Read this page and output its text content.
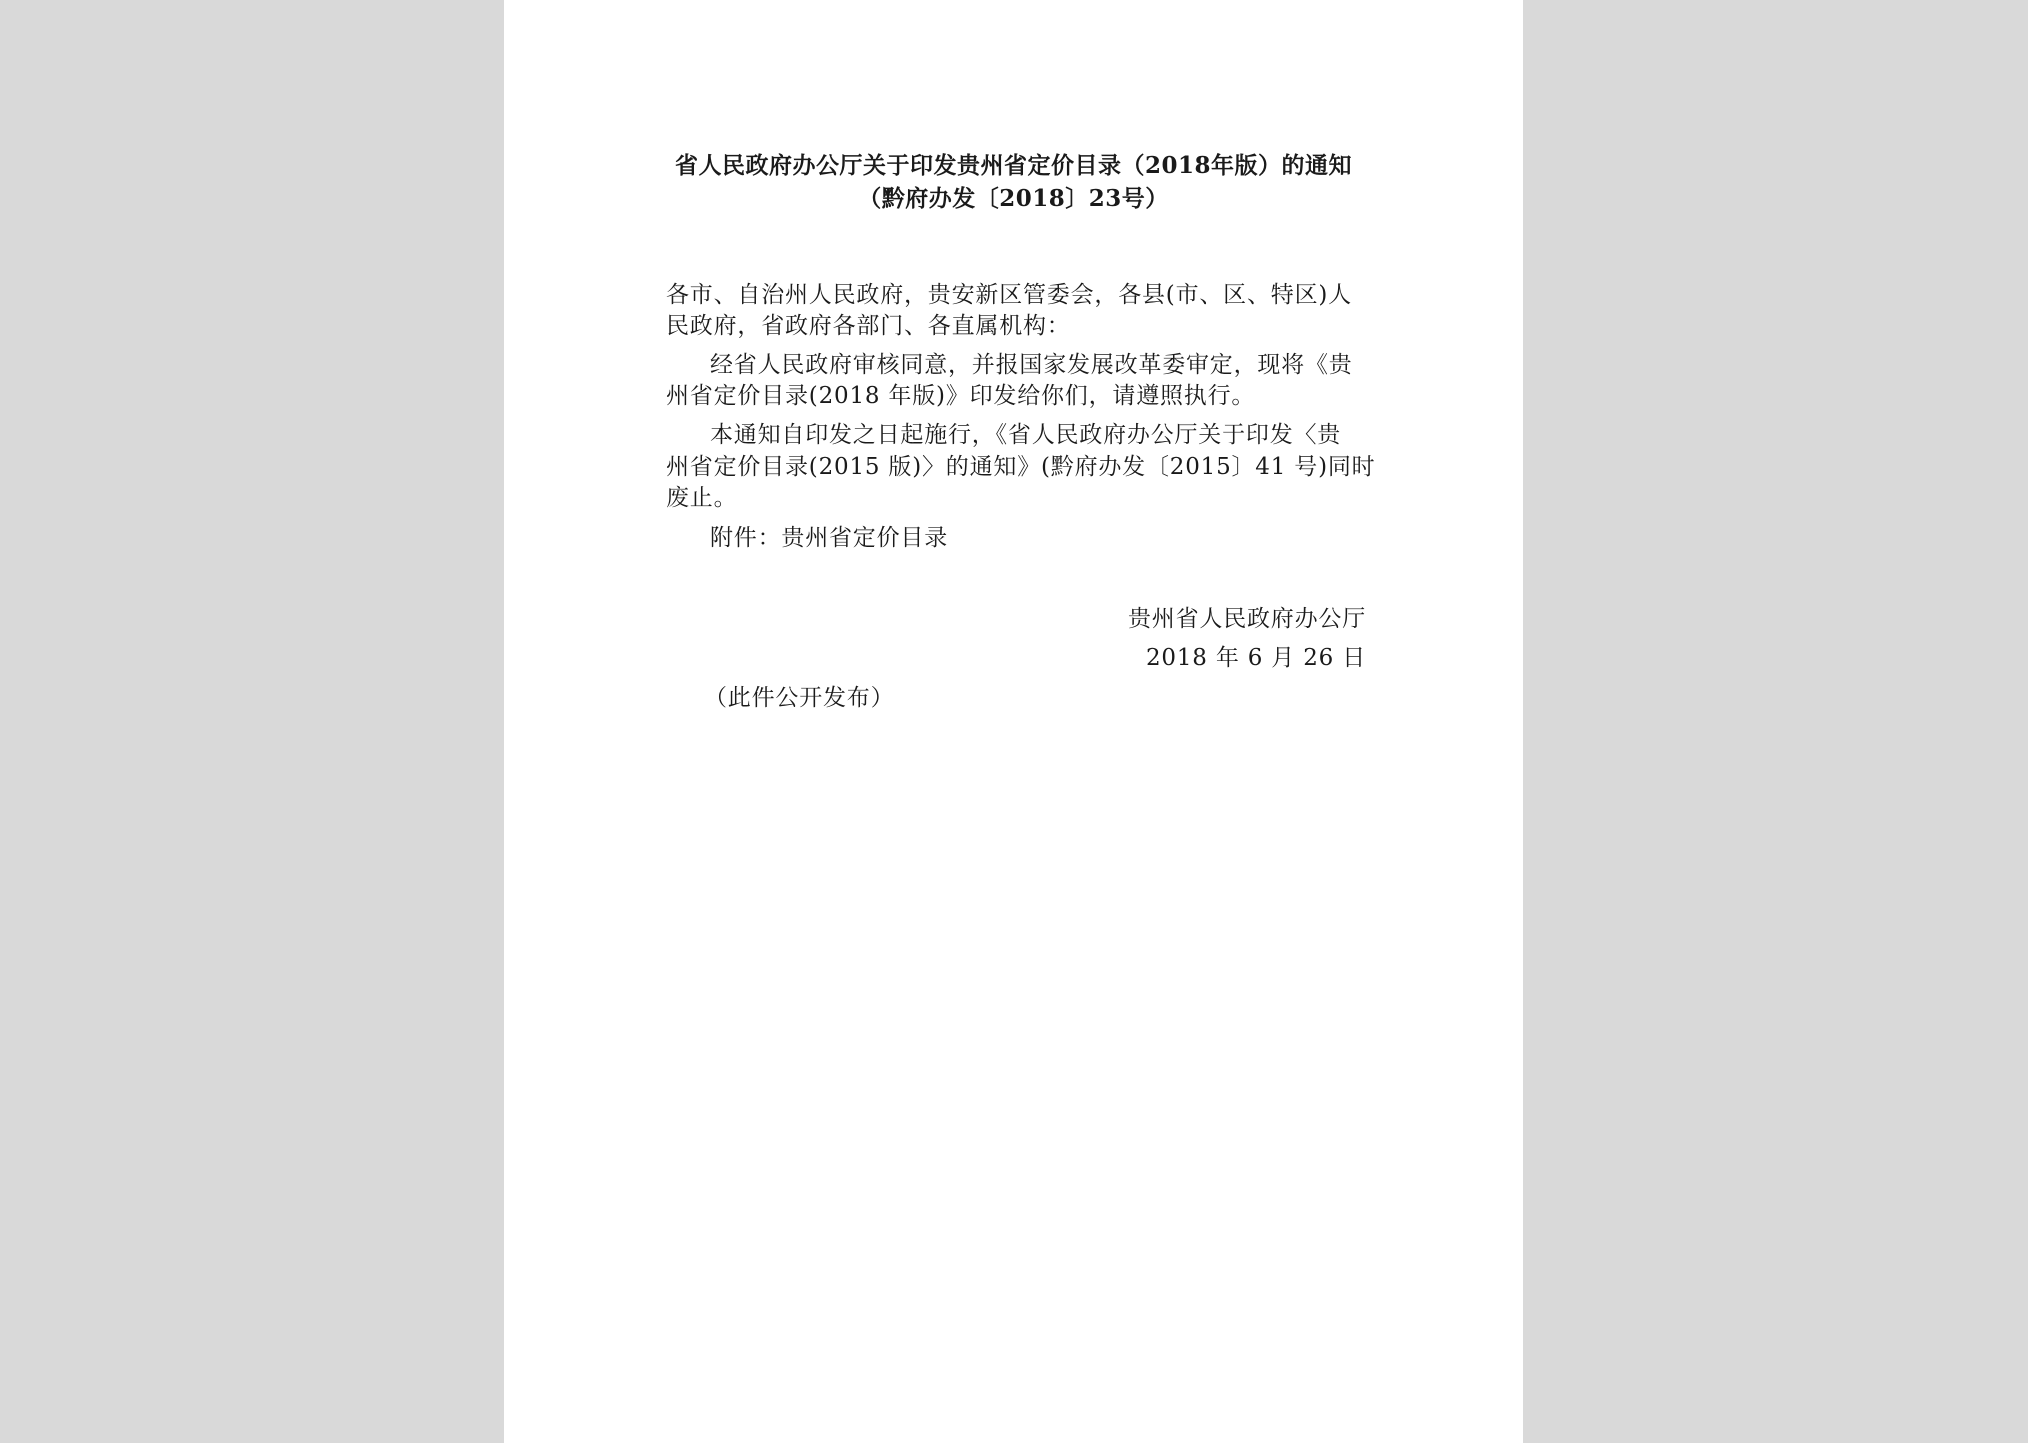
省人民政府办公厅关于印发贵州省定价目录（2018年版）的通知
（黔府办发〔2018〕23号）
各市、自治州人民政府，贵安新区管委会，各县(市、区、特区)人
民政府，省政府各部门、各直属机构：
经省人民政府审核同意，并报国家发展改革委审定，现将《贵
州省定价目录(2018 年版)》印发给你们，请遵照执行。
本通知自印发之日起施行，《省人民政府办公厅关于印发〈贵
州省定价目录(2015 版)〉的通知》(黔府办发〔2015〕41 号)同时
废止。
附件：贵州省定价目录
贵州省人民政府办公厅
2018 年 6 月 26 日
（此件公开发布）
